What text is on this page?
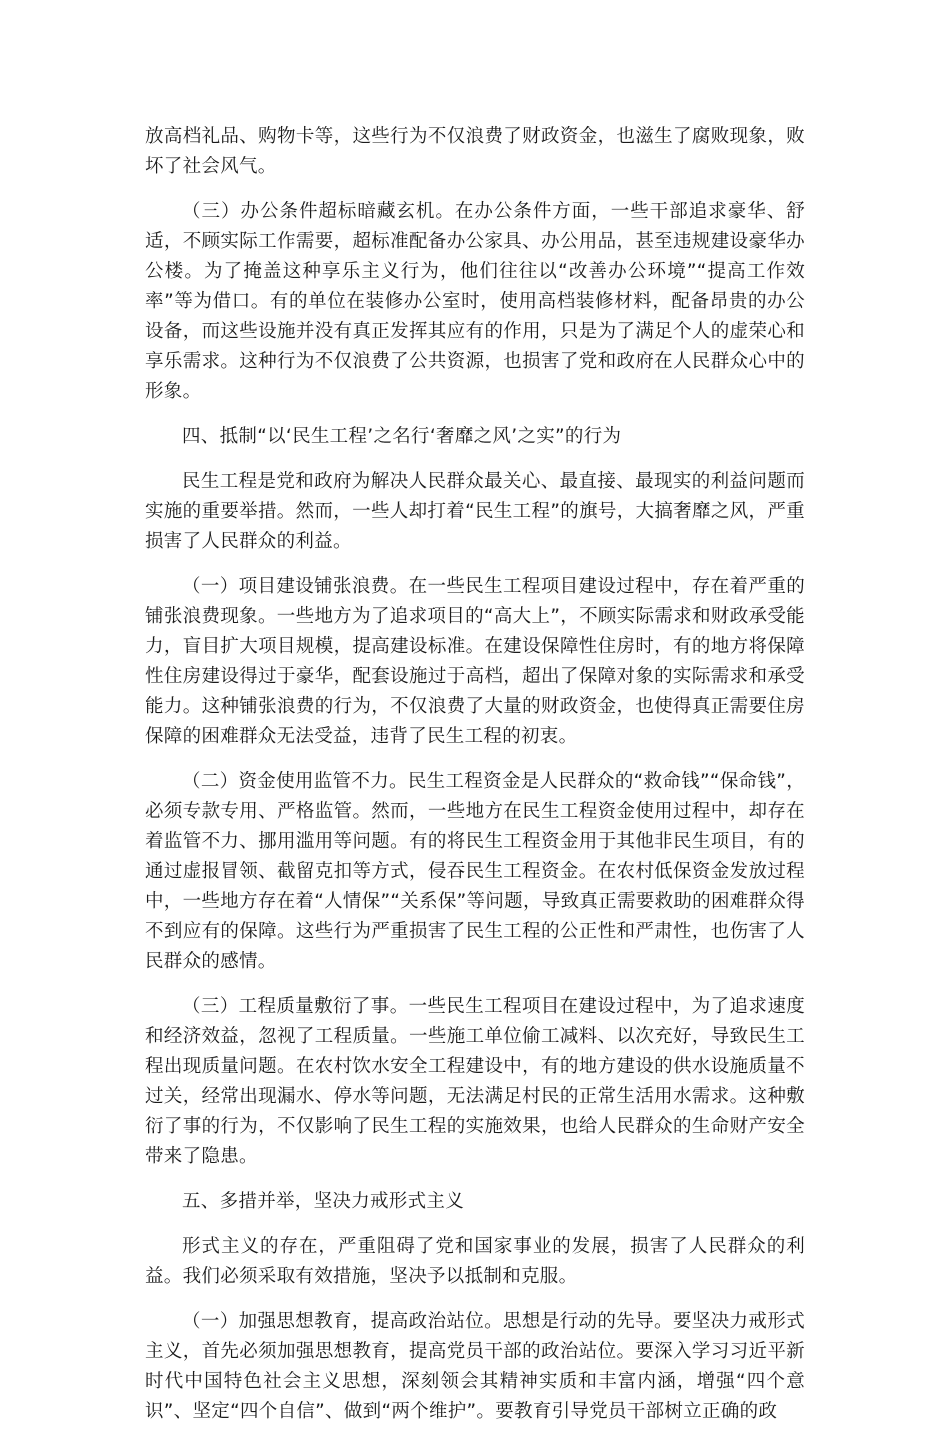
放高档礼品、购物卡等，这些行为不仅浪费了财政资金，也滋生了腐败现象，败坏了社会风气。

（三）办公条件超标暗藏玄机。在办公条件方面，一些干部追求豪华、舒适，不顾实际工作需要，超标准配备办公家具、办公用品，甚至违规建设豪华办公楼。为了掩盖这种享乐主义行为，他们往往以“改善办公环境”“提高工作效率”等为借口。有的单位在装修办公室时，使用高档装修材料，配备昂贵的办公设备，而这些设施并没有真正发挥其应有的作用，只是为了满足个人的虚荣心和享乐需求。这种行为不仅浪费了公共资源，也损害了党和政府在人民群众心中的形象。

四、抵制“以‘民生工程’之名行‘奢靡之风’之实”的行为

民生工程是党和政府为解决人民群众最关心、最直接、最现实的利益问题而实施的重要举措。然而，一些人却打着“民生工程”的旗号，大搞奢靡之风，严重损害了人民群众的利益。

（一）项目建设铺张浪费。在一些民生工程项目建设过程中，存在着严重的铺张浪费现象。一些地方为了追求项目的“高大上”，不顾实际需求和财政承受能力，盲目扩大项目规模，提高建设标准。在建设保障性住房时，有的地方将保障性住房建设得过于豪华，配套设施过于高档，超出了保障对象的实际需求和承受能力。这种铺张浪费的行为，不仅浪费了大量的财政资金，也使得真正需要住房保障的困难群众无法受益，违背了民生工程的初衷。

（二）资金使用监管不力。民生工程资金是人民群众的“救命钱”“保命钱”，必须专款专用、严格监管。然而，一些地方在民生工程资金使用过程中，却存在着监管不力、挪用滥用等问题。有的将民生工程资金用于其他非民生项目，有的通过虚报冒领、截留克扣等方式，侵吞民生工程资金。在农村低保资金发放过程中，一些地方存在着“人情保”“关系保”等问题，导致真正需要救助的困难群众得不到应有的保障。这些行为严重损害了民生工程的公正性和严肃性，也伤害了人民群众的感情。

（三）工程质量敷衍了事。一些民生工程项目在建设过程中，为了追求速度和经济效益，忽视了工程质量。一些施工单位偷工减料、以次充好，导致民生工程出现质量问题。在农村饮水安全工程建设中，有的地方建设的供水设施质量不过关，经常出现漏水、停水等问题，无法满足村民的正常生活用水需求。这种敷衍了事的行为，不仅影响了民生工程的实施效果，也给人民群众的生命财产安全带来了隐患。

五、多措并举，坚决力戒形式主义

形式主义的存在，严重阻碍了党和国家事业的发展，损害了人民群众的利益。我们必须采取有效措施，坚决予以抵制和克服。

（一）加强思想教育，提高政治站位。思想是行动的先导。要坚决力戒形式主义，首先必须加强思想教育，提高党员干部的政治站位。要深入学习习近平新时代中国特色社会主义思想，深刻领会其精神实质和丰富内涵，增强“四个意识”、坚定“四个自信”、做到“两个维护”。要教育引导党员干部树立正确的政
